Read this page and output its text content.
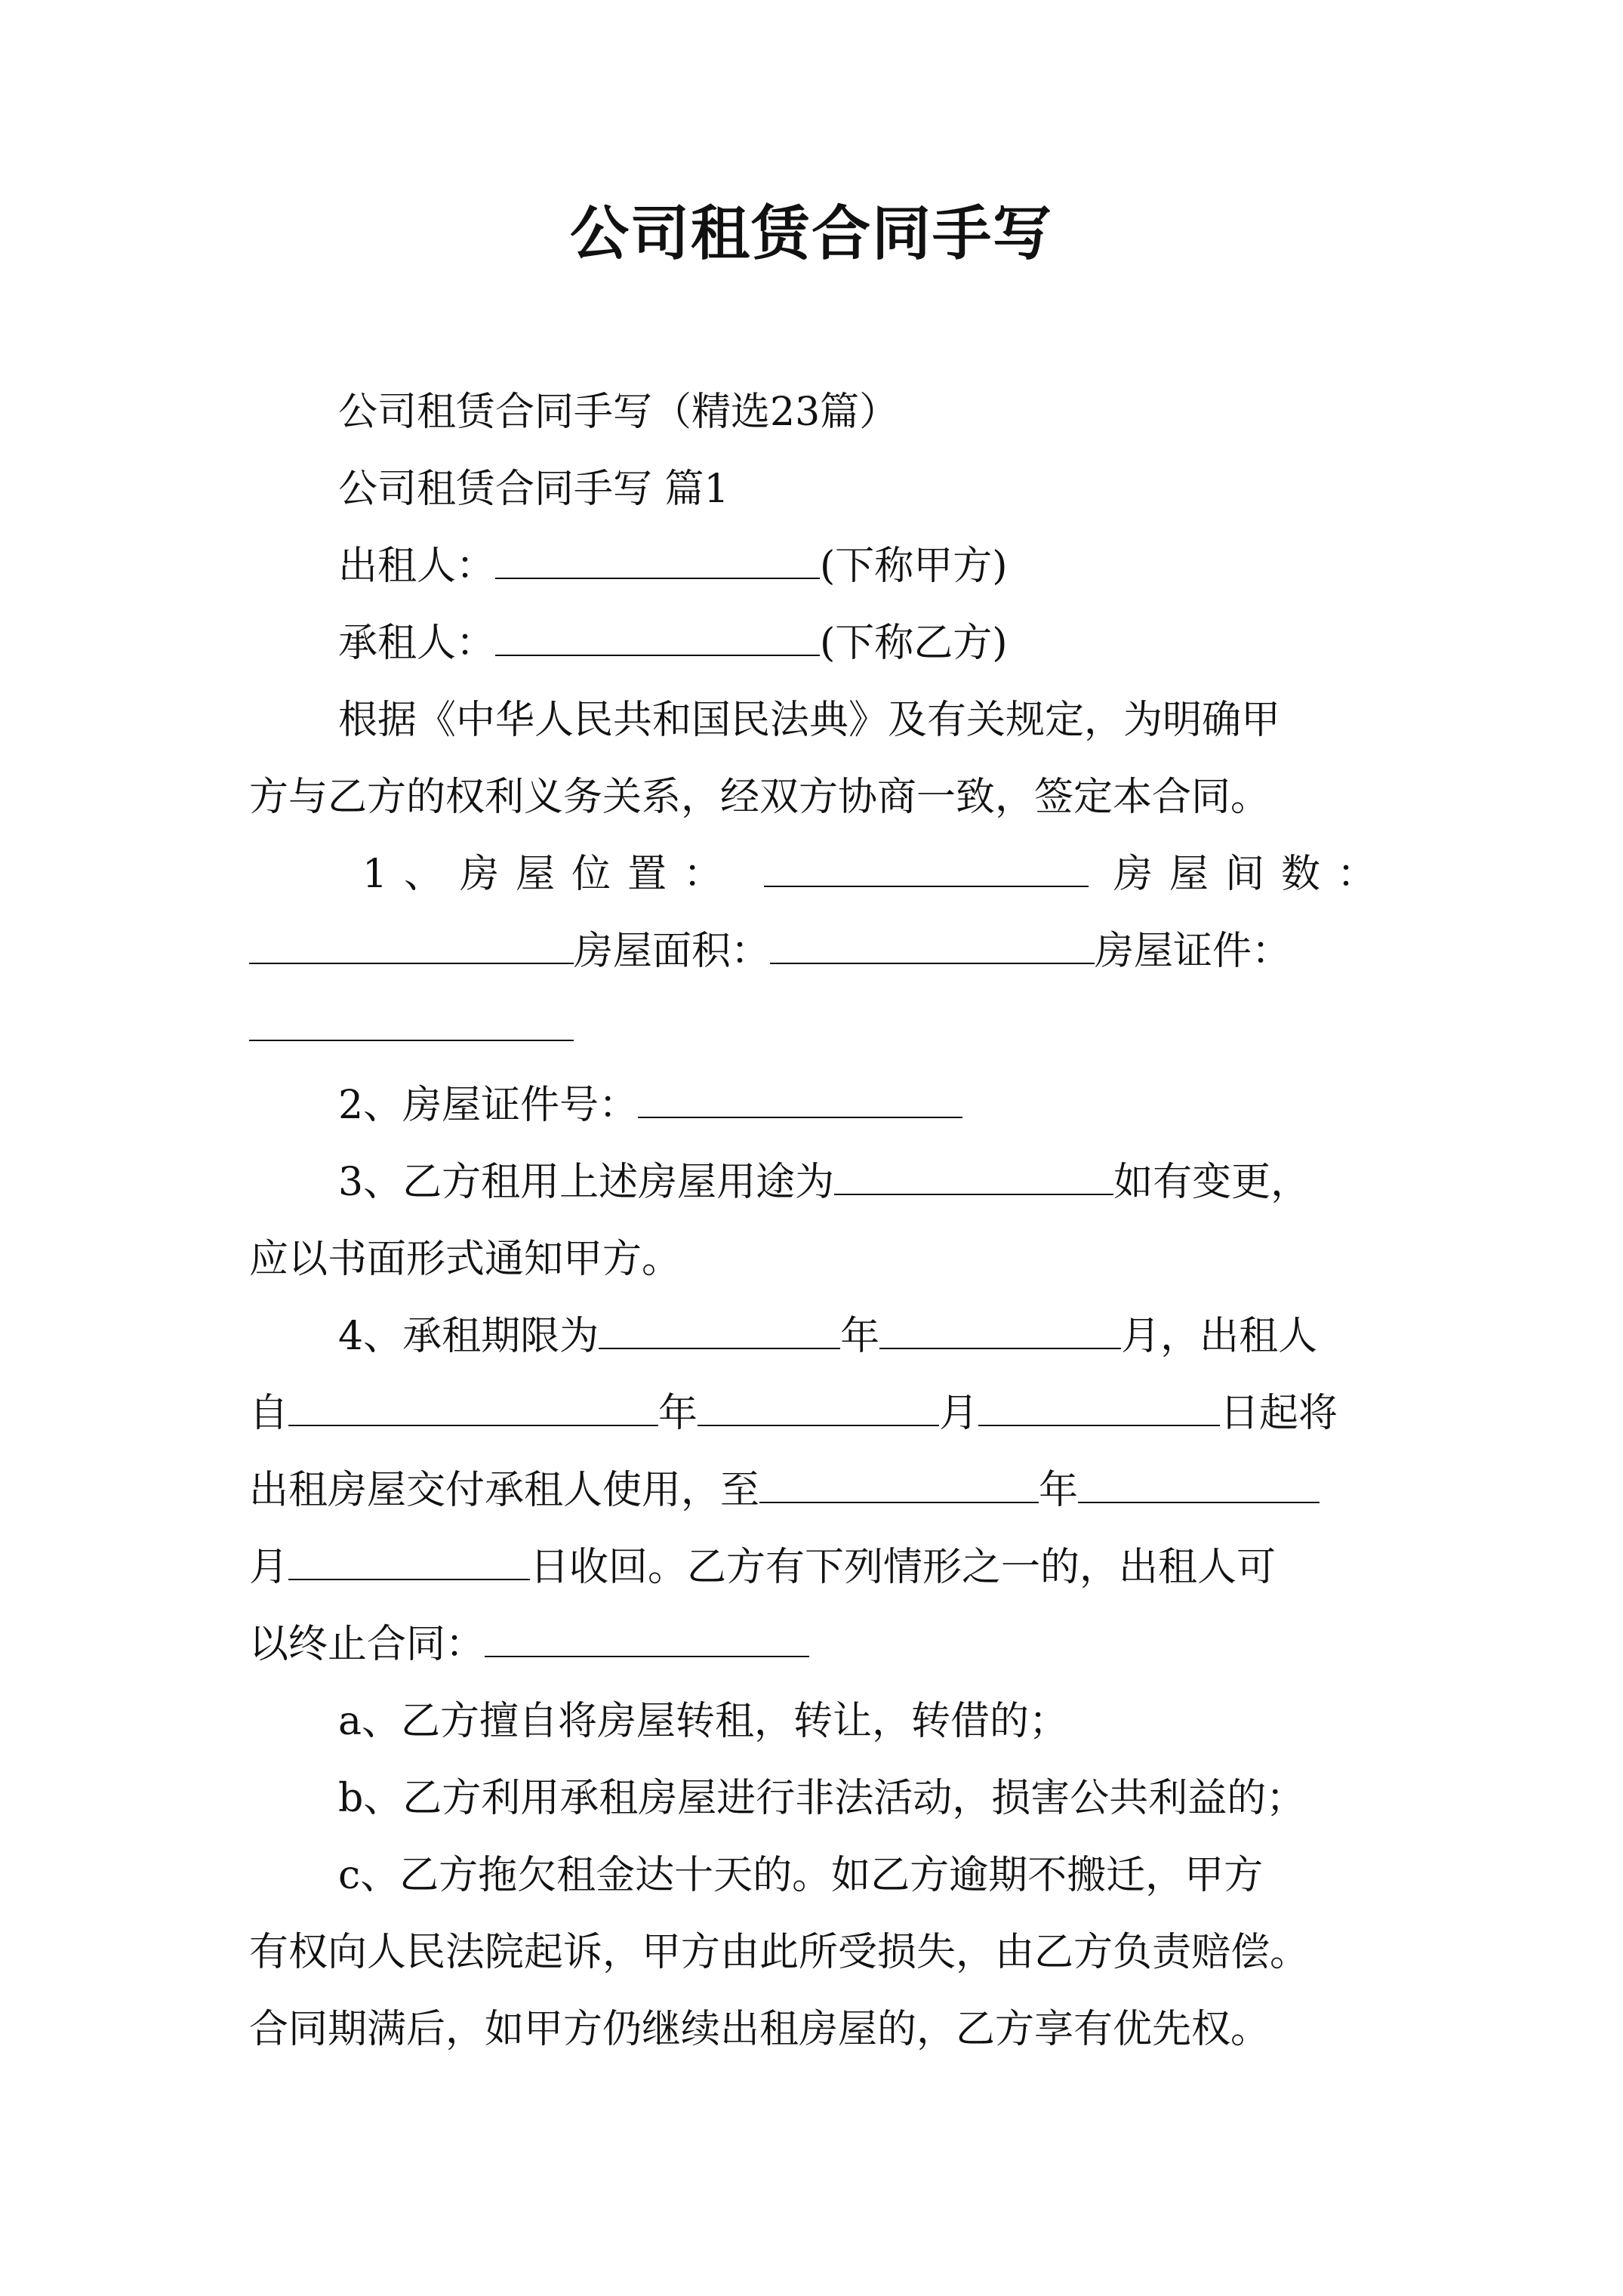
公司租赁合同手写
公司租赁合同手写（精选23篇）
公司租赁合同手写 篇1
出租人：	(下称甲方)
承租人：	(下称乙方)
根据《中华人民共和国民法典》及有关规定，为明确甲
方与乙方的权利义务关系，经双方协商一致，签定本合同。
1、房屋位置：	房屋间数：
房屋面积：	房屋证件：
2、房屋证件号：
3、乙方租用上述房屋用途为	如有变更，
应以书面形式通知甲方。
4、承租期限为	年	月，出租人
自	年	月	日起将
出租房屋交付承租人使用，至	年
月	日收回。乙方有下列情形之一的，出租人可
以终止合同：
a、乙方擅自将房屋转租，转让，转借的；
b、乙方利用承租房屋进行非法活动，损害公共利益的；
c、乙方拖欠租金达十天的。如乙方逾期不搬迁，甲方
有权向人民法院起诉，甲方由此所受损失，由乙方负责赔偿。
合同期满后，如甲方仍继续出租房屋的，乙方享有优先权。
